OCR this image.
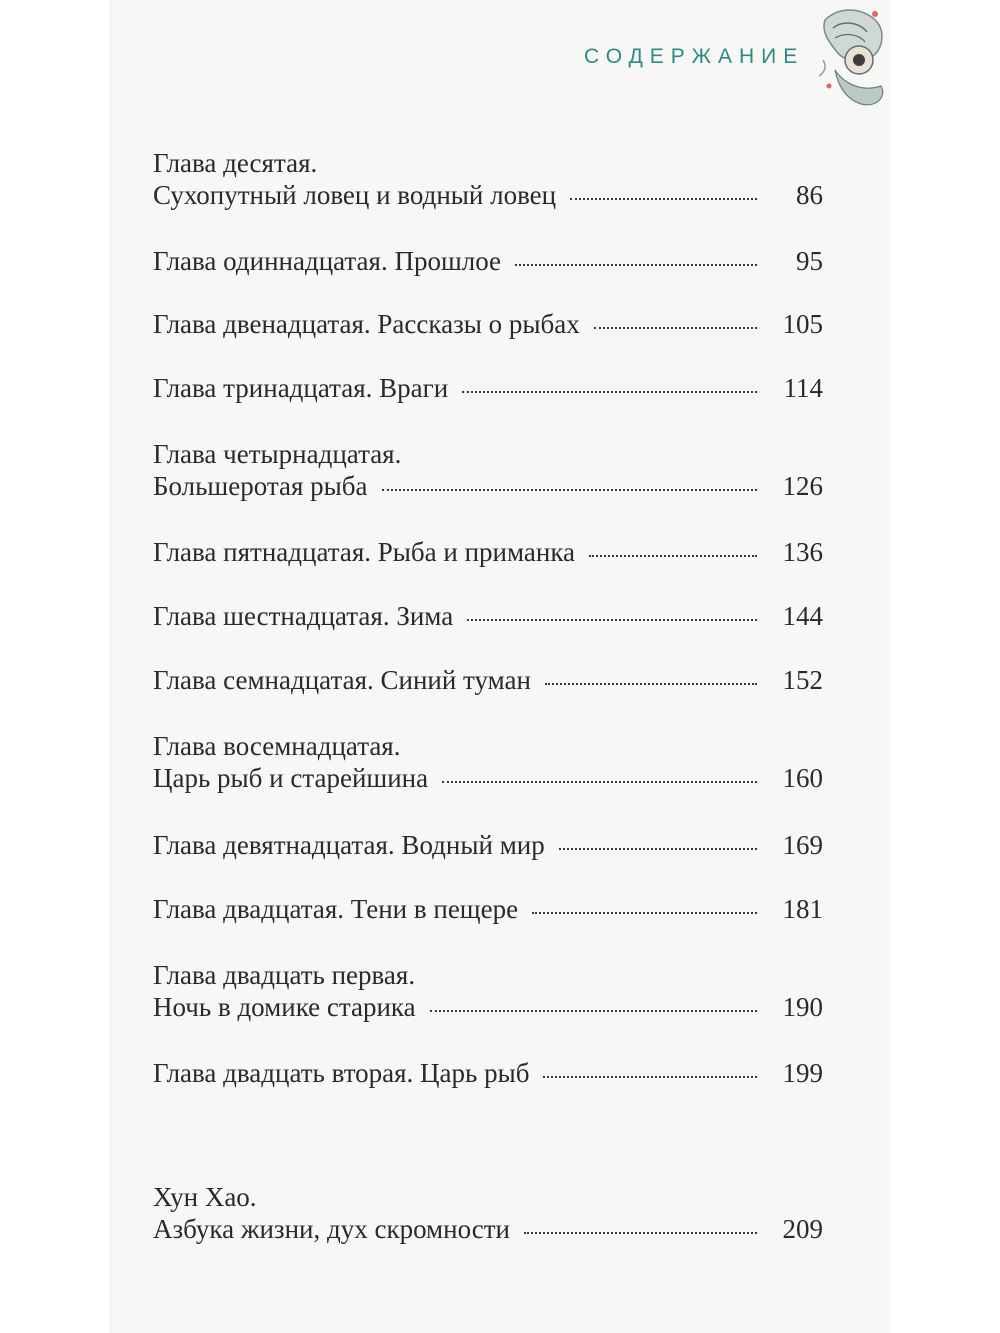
СОДЕРЖАНИЕ
Глава десятая.
Сухопутный ловец и водный ловец	86
Глава одиннадцатая. Прошлое	95
Глава двенадцатая. Рассказы о рыбах	105
Глава тринадцатая. Враги	114
Глава четырнадцатая.
Большеротая рыба	126
Глава пятнадцатая. Рыба и приманка	136
Глава шестнадцатая. Зима	144
Глава семнадцатая. Синий туман	152
Глава восемнадцатая.
Царь рыб и старейшина	160
Глава девятнадцатая. Водный мир	169
Глава двадцатая. Тени в пещере	181
Глава двадцать первая.
Ночь в домике старика	190
Глава двадцать вторая. Царь рыб	199
Хун Хао.
Азбука жизни, дух скромности	209
